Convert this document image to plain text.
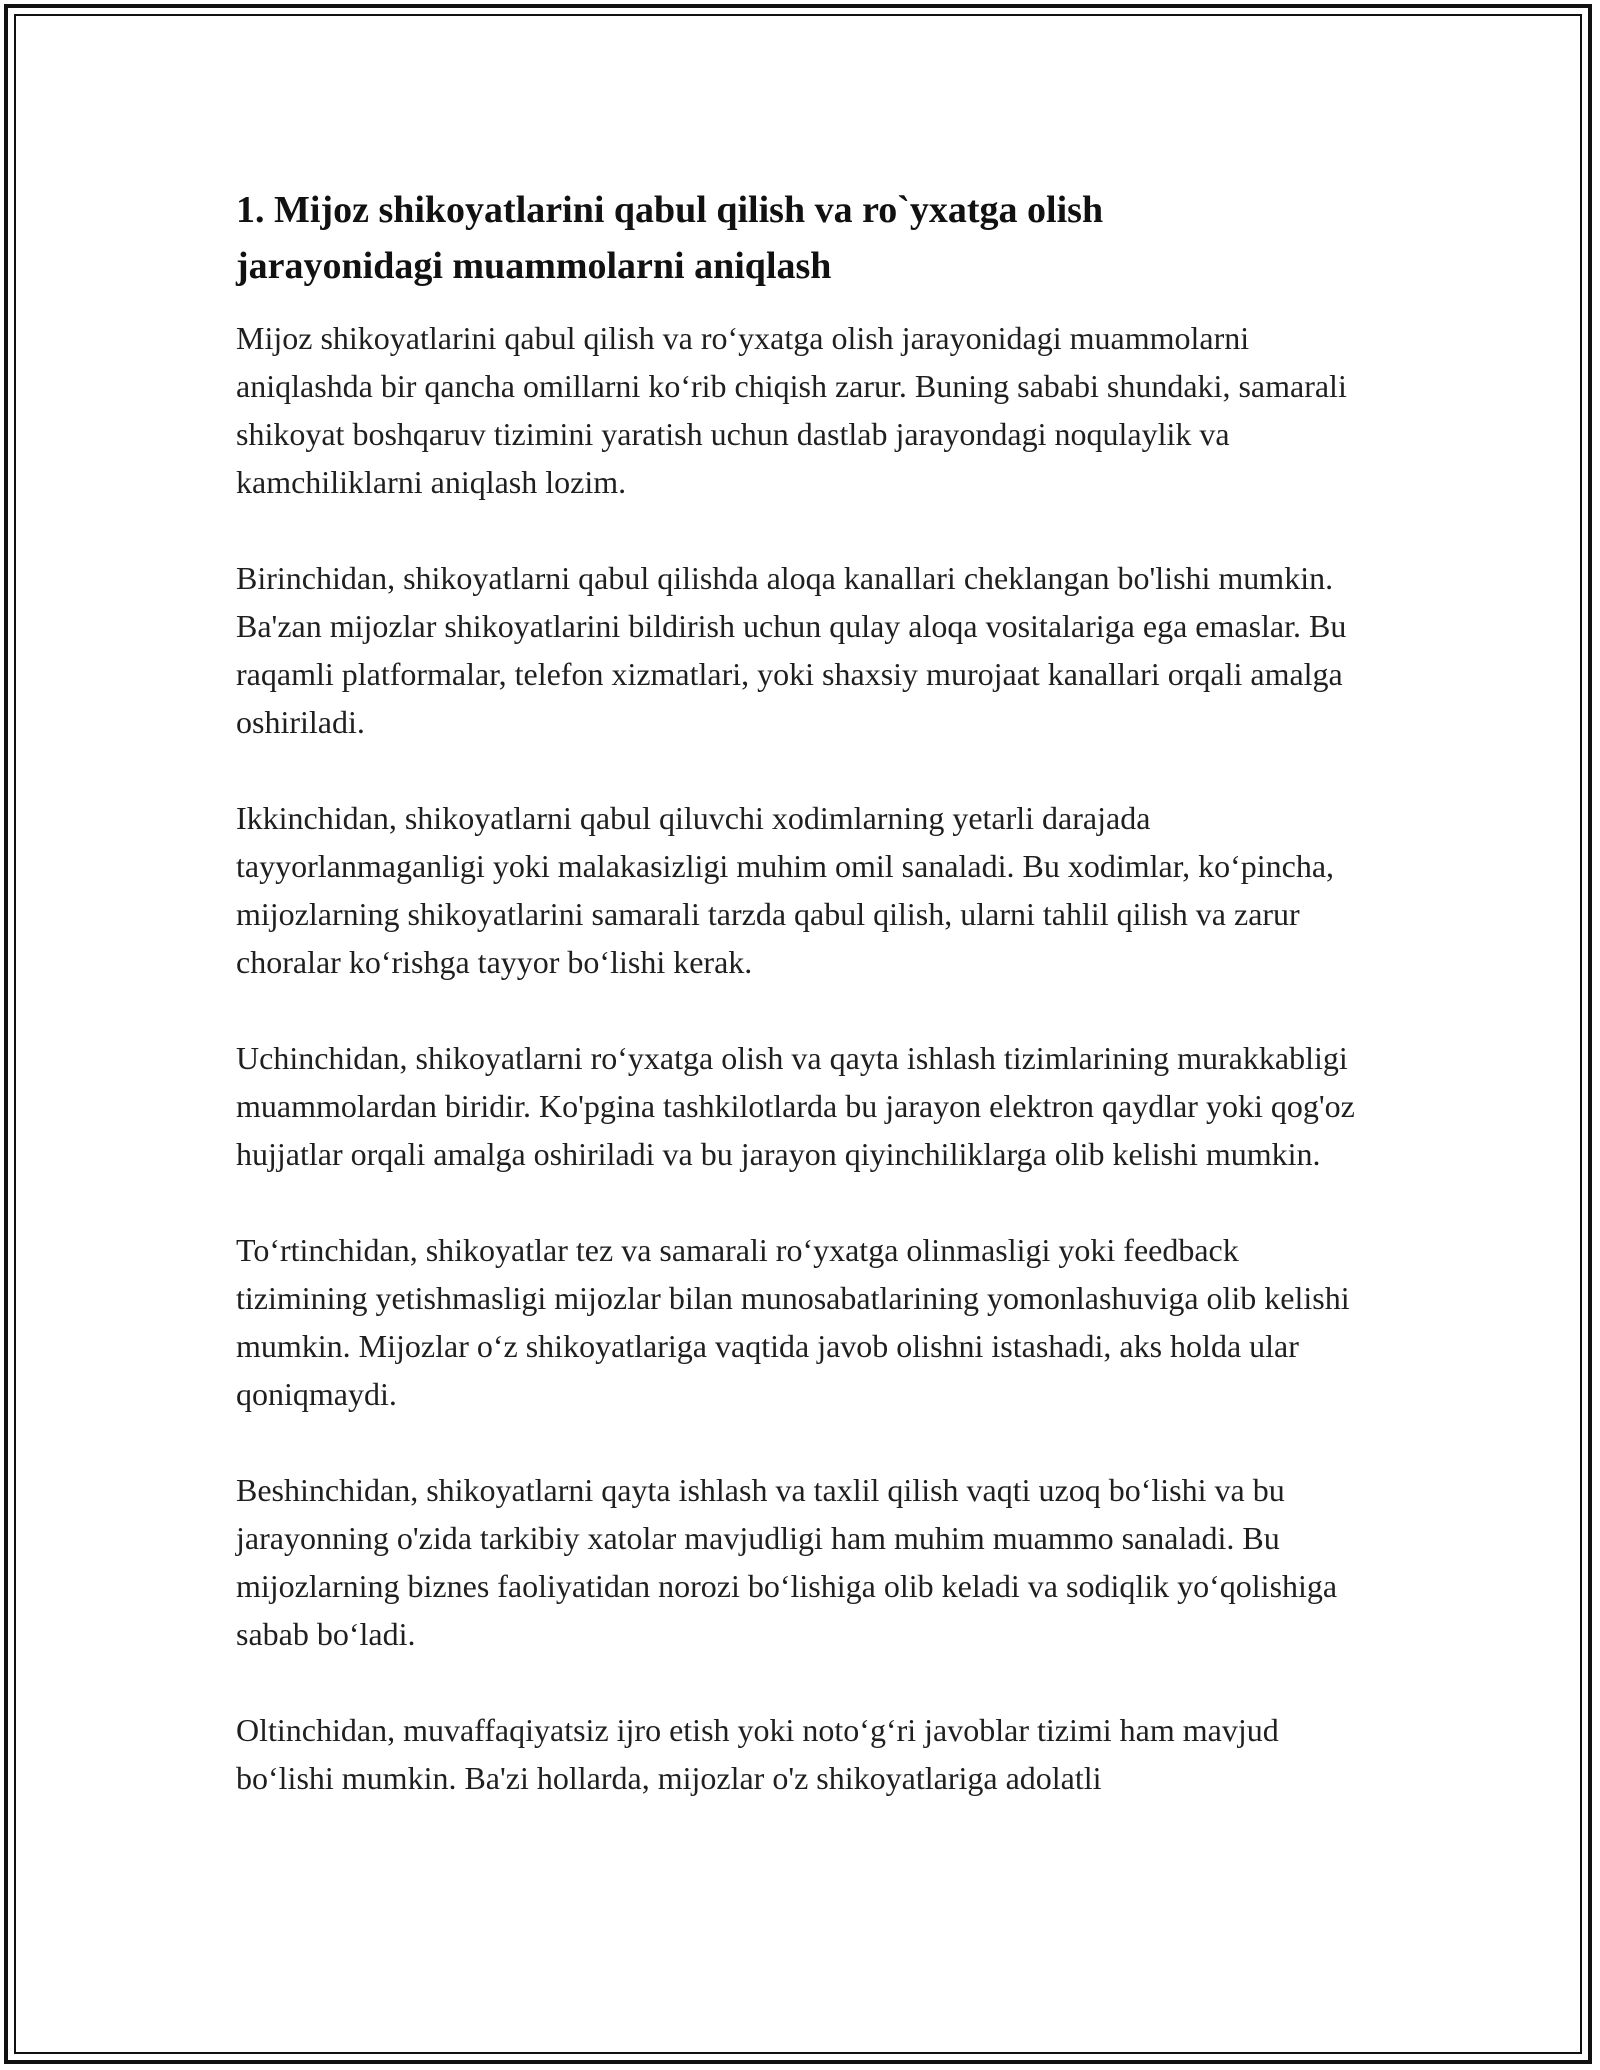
1. Mijoz shikoyatlarini qabul qilish va ro`yxatga olish
jarayonidagi muammolarni aniqlash

Mijoz shikoyatlarini qabul qilish va ro‘yxatga olish jarayonidagi muammolarni aniqlashda bir qancha omillarni ko‘rib chiqish zarur. Buning sababi shundaki, samarali shikoyat boshqaruv tizimini yaratish uchun dastlab jarayondagi noqulaylik va kamchiliklarni aniqlash lozim.

Birinchidan, shikoyatlarni qabul qilishda aloqa kanallari cheklangan bo'lishi mumkin. Ba'zan mijozlar shikoyatlarini bildirish uchun qulay aloqa vositalariga ega emaslar. Bu raqamli platformalar, telefon xizmatlari, yoki shaxsiy murojaat kanallari orqali amalga oshiriladi.

Ikkinchidan, shikoyatlarni qabul qiluvchi xodimlarning yetarli darajada tayyorlanmaganligi yoki malakasizligi muhim omil sanaladi. Bu xodimlar, ko‘pincha, mijozlarning shikoyatlarini samarali tarzda qabul qilish, ularni tahlil qilish va zarur choralar ko‘rishga tayyor bo‘lishi kerak.

Uchinchidan, shikoyatlarni ro‘yxatga olish va qayta ishlash tizimlarining murakkabligi muammolardan biridir. Ko'pgina tashkilotlarda bu jarayon elektron qaydlar yoki qog'oz hujjatlar orqali amalga oshiriladi va bu jarayon qiyinchiliklarga olib kelishi mumkin.

To‘rtinchidan, shikoyatlar tez va samarali ro‘yxatga olinmasligi yoki feedback tizimining yetishmasligi mijozlar bilan munosabatlarining yomonlashuviga olib kelishi mumkin. Mijozlar o‘z shikoyatlariga vaqtida javob olishni istashadi, aks holda ular qoniqmaydi.

Beshinchidan, shikoyatlarni qayta ishlash va taxlil qilish vaqti uzoq bo‘lishi va bu jarayonning o'zida tarkibiy xatolar mavjudligi ham muhim muammo sanaladi. Bu mijozlarning biznes faoliyatidan norozi bo‘lishiga olib keladi va sodiqlik yo‘qolishiga sabab bo‘ladi.

Oltinchidan, muvaffaqiyatsiz ijro etish yoki noto‘g‘ri javoblar tizimi ham mavjud bo‘lishi mumkin. Ba'zi hollarda, mijozlar o'z shikoyatlariga adolatli
